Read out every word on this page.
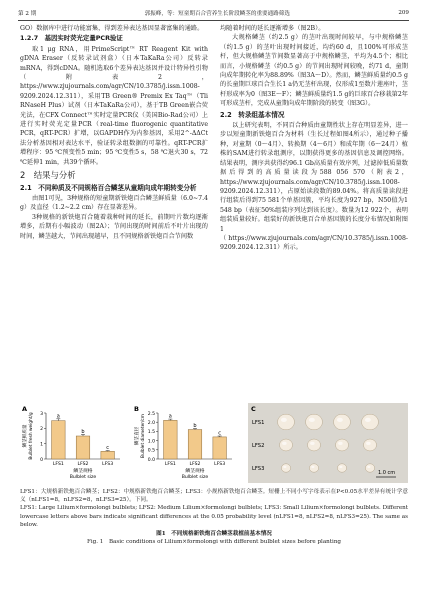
第 2 期	郭振峰，等：短童期百合营养生长阶段鳞茎的重要通路筛选	209

GO）数据库中进行功能富集，得到差异表达基因显著富集的通路。

1.2.7　基因实时荧光定量PCR验证

取1 μg RNA，用PrimeScript™ RT Reagent Kit with gDNA Eraser（反转录试剂盒）（日本TaKaRa公司）反转录mRNA，得到cDNA。随机选取6个差异表达基因并设计特异性引物（附表2，https://www.zjujournals.com/agr/CN/10.3785/j.issn.1008-9209.2024.12.311），采用TB Green® Premix Ex Taq™（Tli RNaseH Plus）试剂（日本TaKaRa公司），基于TB Green嵌合荧光法，在CFX Connect™实时定量PCR仪（美国Bio-Rad公司）上进行实时荧光定量PCR（real-time fluorogenic quantitative PCR，qRT-PCR）扩增，以GAPDH作为内参基因，采用2^-ΔΔCt法分析基因相对表达水平，验证转录组数据的可靠性。qRT-PCR扩增程序：95 ℃预变性5 min；95 ℃变性5 s，58 ℃退火30 s，72 ℃延伸1 min，共39个循环。

2　结果与分析
2.1　不同种质及不同规格百合鳞茎从童期向成年期转变分析

由图1可见，3种规格的短童期新铁炮百合鳞茎鲜质量（6.0~7.4 g）及直径（1.2~2.2 cm）存在显著差异。

3种规格的新铁炮百合随着栽种时间的延长，前期叶片数均逐渐增多，后期有小幅波动（图2A）；节间出现的时间前后不叶片出现的时间，鳞茎越大，节间出现越早，且不同规格新铁炮百合节间数

均随着时间的延长逐渐增多（图2B）。

大规格鳞茎（约2.5 g）的茎叶出现时间较早，与中规格鳞茎（约1.5 g）的茎叶出现时间接近，均约60 d，且100%可形成茎杆，但大规格鳞茎节间数显著高于中规格鳞茎，平均为4.5个；相比而言，小规格鳞茎（约0.5 g）的节间出现时间较晚，约71 d，童期向成年期转化率为88.89%（图3A～D）。然而，鳞茎鲜质量约0.5 g的长童期巨球百合生长1 a仍无茎杆出现，仅形成1至数片莲座叶，茎杆形成率为0（图3E～F）；鳞茎鲜质量约1.5 g的巨球百合移栽第2年可形成茎杆，完成从童期向成年期阶段的转变（图3G）。

2.2　转录组基本情况

以上研究表明，不同百合种质由童期性状上存在明显差异，进一步以短童期新铁炮百合为材料（生长过程如图4所示），通过种子播种，对童期（0～4月）、转换期（4～6月）和成年期（6～24月）植株的SAM进行转录组测序，以期获得更多的基因信息及调控网络。结果表明，测序共获得约96.1 Gb高质量有效序列，过滤掉低质量数据后得到的高质量读段为588 056 570（附表2，https://www.zjujournals.com/agr/CN/10.3785/j.issn.1008-9209.2024.12.311），占原始读段数的89.04%。将高质量读段进行组装后得到75 581个单基因簇，平均长度为927 bp，N50值为1 548 bp（表征50%组装序列达到该长度）。数量为12 922个，表明组装质量较好。组装好的新铁炮百合单基因簇的长度分布情况如附图1（https://www.zjujournals.com/agr/CN/10.3785/j.issn.1008-9209.2024.12.311）所示。

A
0
1
2
3	a
LFS1
b
LFS2
c
LFS3
鳞茎规格
Bulblet size
鳞茎鲜质量 Bulblet fresh weight/g
B
0.0
0.5
1.0
1.5
2.0
2.5	a
LFS1
b
LFS2
c
LFS3
鳞茎规格
Bulblet size
鳞茎直径 Bulblet diameter/cm
C
LFS1
LFS2
LFS3
1.0 cm

LFS1：大规格新铁炮百合鳞茎；LFS2：中规格新铁炮百合鳞茎；LFS3：小规格新铁炮百合鳞茎。短栅上不同小写字母表示在P<0.05水平差异有统计学意义（nLFS1=8，nLFS2=8，nLFS3=25）。下同。

LFS1: Large Lilium×formolongi bulblets; LFS2: Medium Lilium×formolongi bulblets; LFS3: Small Lilium×formolongi bulblets. Different lowercase letters above bars indicate significant differences at the 0.05 probability level (nLFS1=8, nLFS2=8, nLFS3=25). The same as below.

图1　不同规格新铁炮百合鳞茎栽植前基本情况

Fig. 1　Basic conditions of Lilium×formolongi with different bulblet sizes before planting
